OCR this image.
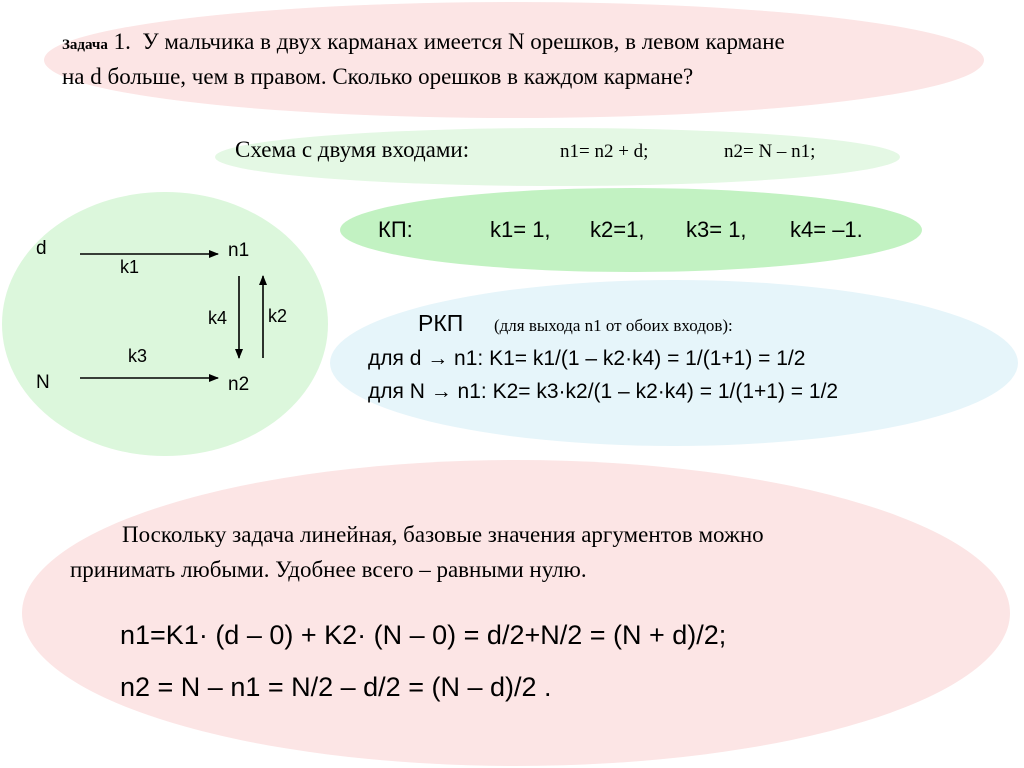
Задача 1. У мальчика в двух карманах имеется N орешков, в левом кармане
на d больше, чем в правом. Сколько орешков в каждом кармане?
Схема с двумя входами:	n1= n2 + d;	n2= N – n1;
КП:	k1= 1, k2=1, k3= 1, k4= –1.
d
N
n1
n2
k1
k2
k3
k4	РКП (для выхода n1 от обоих входов):
для d → n1: K1= k1/(1 – k2·k4) = 1/(1+1) = 1/2
для N → n1: K2= k3·k2/(1 – k2·k4) = 1/(1+1) = 1/2
Поскольку задача линейная, базовые значения аргументов можно
принимать любыми. Удобнее всего – равными нулю.
n1=K1· (d – 0) + K2· (N – 0) = d/2+N/2 = (N + d)/2;
n2 = N – n1 = N/2 – d/2 = (N – d)/2 .
